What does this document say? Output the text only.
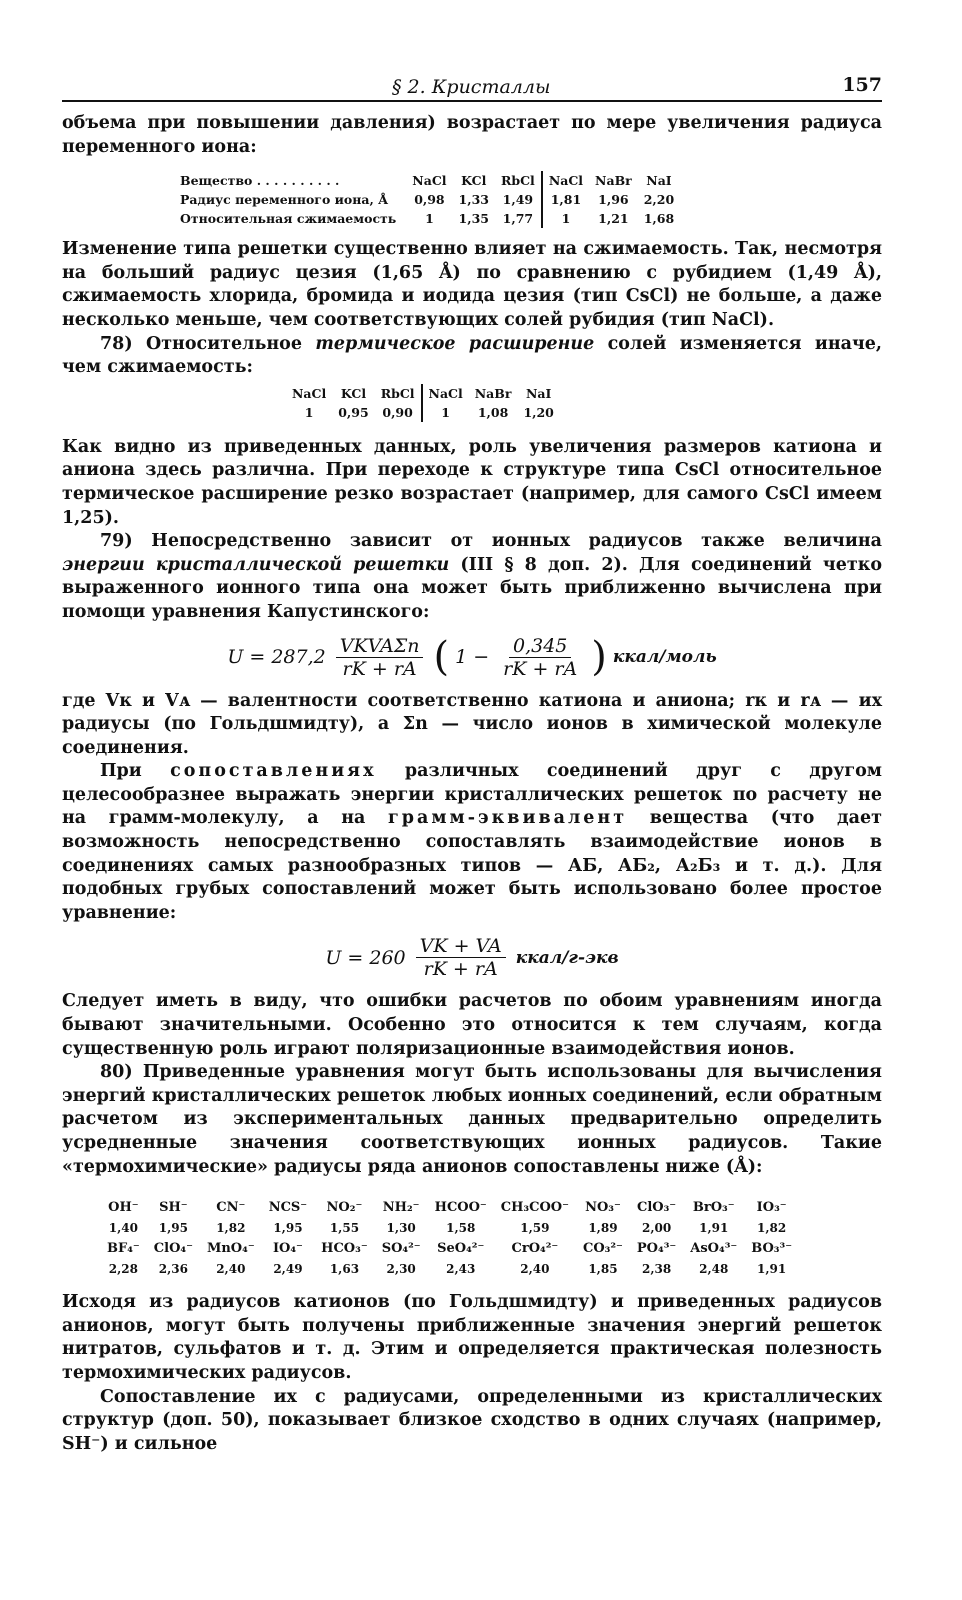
§ 2. Кристаллы	157

объема при повышении давления) возрастает по мере увеличения радиуса переменного иона:

Вещество . . . . . . . . . .	NaCl	KCl	RbCl	NaCl	NaBr	NaI
Радиус переменного иона, Å	0,98	1,33	1,49	1,81	1,96	2,20
Относительная сжимаемость	1	1,35	1,77	1	1,21	1,68

Изменение типа решетки существенно влияет на сжимаемость. Так, несмотря на больший радиус цезия (1,65 Å) по сравнению с рубидием (1,49 Å), сжимаемость хлорида, бромида и иодида цезия (тип CsCl) не больше, а даже несколько меньше, чем соответствующих солей рубидия (тип NaCl).

78) Относительное термическое расширение солей изменяется иначе, чем сжимаемость:

NaCl	KCl	RbCl	NaCl	NaBr	NaI
1	0,95	0,90	1	1,08	1,20

Как видно из приведенных данных, роль увеличения размеров катиона и аниона здесь различна. При переходе к структуре типа CsCl относительное термическое расширение резко возрастает (например, для самого CsCl имеем 1,25).

79) Непосредственно зависит от ионных радиусов также величина энергии кристаллической решетки (III § 8 доп. 2). Для соединений четко выраженного ионного типа она может быть приближенно вычислена при помощи уравнения Капустинского:

$U = 287,2 \frac{\text{VKVAΣn}}{rK + rA}$ ( $1 - \frac{0,345}{rK + rA}$ ) ккал/моль

где Vк и Vᴀ — валентности соответственно катиона и аниона; rк и rᴀ — их радиусы (по Гольдшмидту), а Σn — число ионов в химической молекуле соединения.

При сопоставлениях различных соединений друг с другом целесообразнее выражать энергии кристаллических решеток по расчету не на грамм-молекулу, а на грамм-эквивалент вещества (что дает возможность непосредственно сопоставлять взаимодействие ионов в соединениях самых разнообразных типов — АБ, АБ₂, А₂Б₃ и т. д.). Для подобных грубых сопоставлений может быть использовано более простое уравнение:

$U = 260 \frac{VK + VA}{rK + rA}$ ккал/г-экв

Следует иметь в виду, что ошибки расчетов по обоим уравнениям иногда бывают значительными. Особенно это относится к тем случаям, когда существенную роль играют поляризационные взаимодействия ионов.

80) Приведенные уравнения могут быть использованы для вычисления энергий кристаллических решеток любых ионных соединений, если обратным расчетом из экспериментальных данных предварительно определить усредненные значения соответствующих ионных радиусов. Такие «термохимические» радиусы ряда анионов сопоставлены ниже (Å):

OH⁻	SH⁻	CN⁻	NCS⁻	NO₂⁻	NH₂⁻	HCOO⁻	CH₃COO⁻	NO₃⁻	ClO₃⁻	BrO₃⁻	IO₃⁻
1,40	1,95	1,82	1,95	1,55	1,30	1,58	1,59	1,89	2,00	1,91	1,82
BF₄⁻	ClO₄⁻	MnO₄⁻	IO₄⁻	HCO₃⁻	SO₄²⁻	SeO₄²⁻	CrO₄²⁻	CO₃²⁻	PO₄³⁻	AsO₄³⁻	BO₃³⁻
2,28	2,36	2,40	2,49	1,63	2,30	2,43	2,40	1,85	2,38	2,48	1,91

Исходя из радиусов катионов (по Гольдшмидту) и приведенных радиусов анионов, могут быть получены приближенные значения энергий решеток нитратов, сульфатов и т. д. Этим и определяется практическая полезность термохимических радиусов.

Сопоставление их с радиусами, определенными из кристаллических структур (доп. 50), показывает близкое сходство в одних случаях (например, SH⁻) и сильное
